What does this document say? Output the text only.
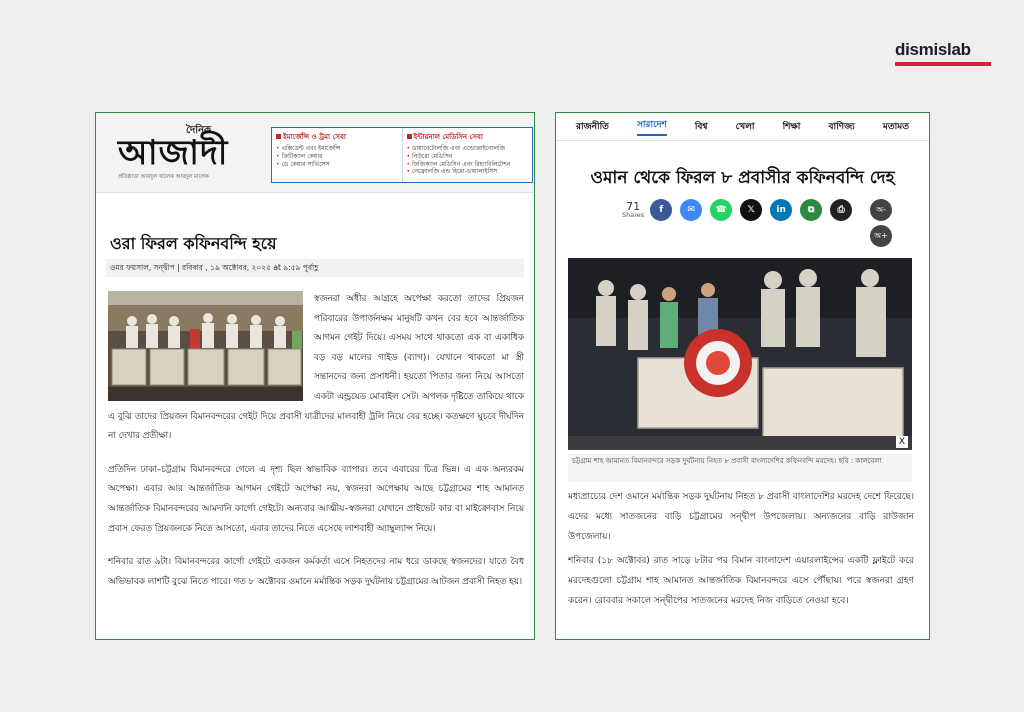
dismislab
দৈনিক
আজাদী
প্রতিষ্ঠাতা আবদুল খালেক আবদুল মালেক
ইমার্জেন্সি ও ট্রমা সেবা
• এক্সিডেন্ট এবং ইমার্জেন্সি
• ক্রিটিক্যাল কেয়ার
• ডে কেয়ার সার্ভিসেস
ইন্টারনাল মেডিসিন সেবা
• ডায়াবেটোলজি এবং এন্ডোক্রাইনোলজি
• নিউরো মেডিসিন
• ফিজিক্যাল মেডিসিন এবং রিহ্যাবিলিটেশন
• নেফ্রোলজি এন্ড হিমো-ডায়ালাইসিস
ওরা ফিরল কফিনবন্দি হয়ে
ওমর ফয়সাল, সন্দ্বীপ | রবিবার , ১৯ অক্টোবর, ২০২৫ at ৯:৫৯ পূর্বাহ্ণ

স্বজনরা অধীর আগ্রহে অপেক্ষা করতো তাদের প্রিয়জন পরিবারের উপার্জনক্ষম মানুষটি কখন বের হবে আন্তর্জাতিক আগমন গেইট দিয়ে। এসময় সাথে থাকতো এক বা একাধিক বড় বড় মালের গাইড (ব্যাগ)। যেখানে থাকতো মা স্ত্রী সন্তানদের জন্য প্রসাধনী। হয়তো পিতার জন্য নিয়ে আসতো একটা এন্ড্রয়েড মোবাইল সেট। অপলক দৃষ্টিতে তাকিয়ে থাকে এ বুঝি তাদের প্রিয়জন বিমানবন্দরের গেইট দিয়ে প্রবাসী যাত্রীদের মালবাহী ট্রলি নিয়ে বের হচ্ছে। কতক্ষণে ঘুচবে দীর্ঘদিন না দেখার প্রতীক্ষা।

প্রতিদিন ঢাকা–চট্টগ্রাম বিমানবন্দরে গেলে এ দৃশ্য ছিল স্বাভাবিক ব্যাপার। তবে এবারের চিত্র ভিন্ন। এ এক অন্যরকম অপেক্ষা। এবার আর আন্তর্জাতিক আগমন গেইটে অপেক্ষা নয়, স্বজনরা অপেক্ষায় আছে চট্টগ্রামের শাহ আমানত আন্তর্জাতিক বিমানবন্দরের আমদানি কার্গো গেইটে। অন্যবার আত্মীয়–স্বজনরা যেখানে প্রাইভেট কার বা মাইক্রোবাস নিয়ে প্রবাস ফেরত প্রিয়জনকে নিতে আসতো, এবার তাদের নিতে এসেছে লাশবাহী অ্যাম্বুল্যান্স নিয়ে।

শনিবার রাত ৯টা। বিমানবন্দরের কার্গো গেইটে একজন কর্মকর্তা এসে নিহতদের নাম ধরে ডাকছে স্বজনদের। যাতে বৈধ অভিভাবক লাশটি বুঝে নিতে পারে। গত ৮ অক্টোবর ওমানে মর্মান্তিক সড়ক দুর্ঘটনায় চট্টগ্রামের আটজন প্রবাসী নিহত হয়।

রাজনীতি	সারাদেশ	বিশ্ব	খেলা	শিক্ষা	বাণিজ্য	মতামত
ওমান থেকে ফিরল ৮ প্রবাসীর কফিনবন্দি দেহ
71
Shares
f	✉ ☎ 𝕏 in ⧉	⎙	অ-
অ+
X
চট্টগ্রাম শাহ আমানত বিমানবন্দরে সড়ক দুর্ঘটনায় নিহত ৮ প্রবাসী বাংলাদেশির কফিনবন্দি মরদেহ। ছবি : কালবেলা

মধ্যপ্রাচ্যের দেশ ওমানে মর্মান্তিক সড়ক দুর্ঘটনায় নিহত ৮ প্রবাসী বাংলাদেশির মরদেহ দেশে ফিরেছে। এদের মধ্যে সাতজনের বাড়ি চট্টগ্রামের সন্দ্বীপ উপজেলায়। অন্যজনের বাড়ি রাউজান উপজেলায়।

শনিবার (১৮ অক্টোবর) রাত সাড়ে ৮টার পর বিমান বাংলাদেশ এয়ারলাইন্সের একটি ফ্লাইটে করে মরদেহগুলো চট্টগ্রাম শাহ আমানত আন্তর্জাতিক বিমানবন্দরে এসে পৌঁছায়। পরে স্বজনরা গ্রহণ করেন। রোববার সকালে সন্দ্বীপের সাতজনের মরদেহ নিজ বাড়িতে নেওয়া হবে।
